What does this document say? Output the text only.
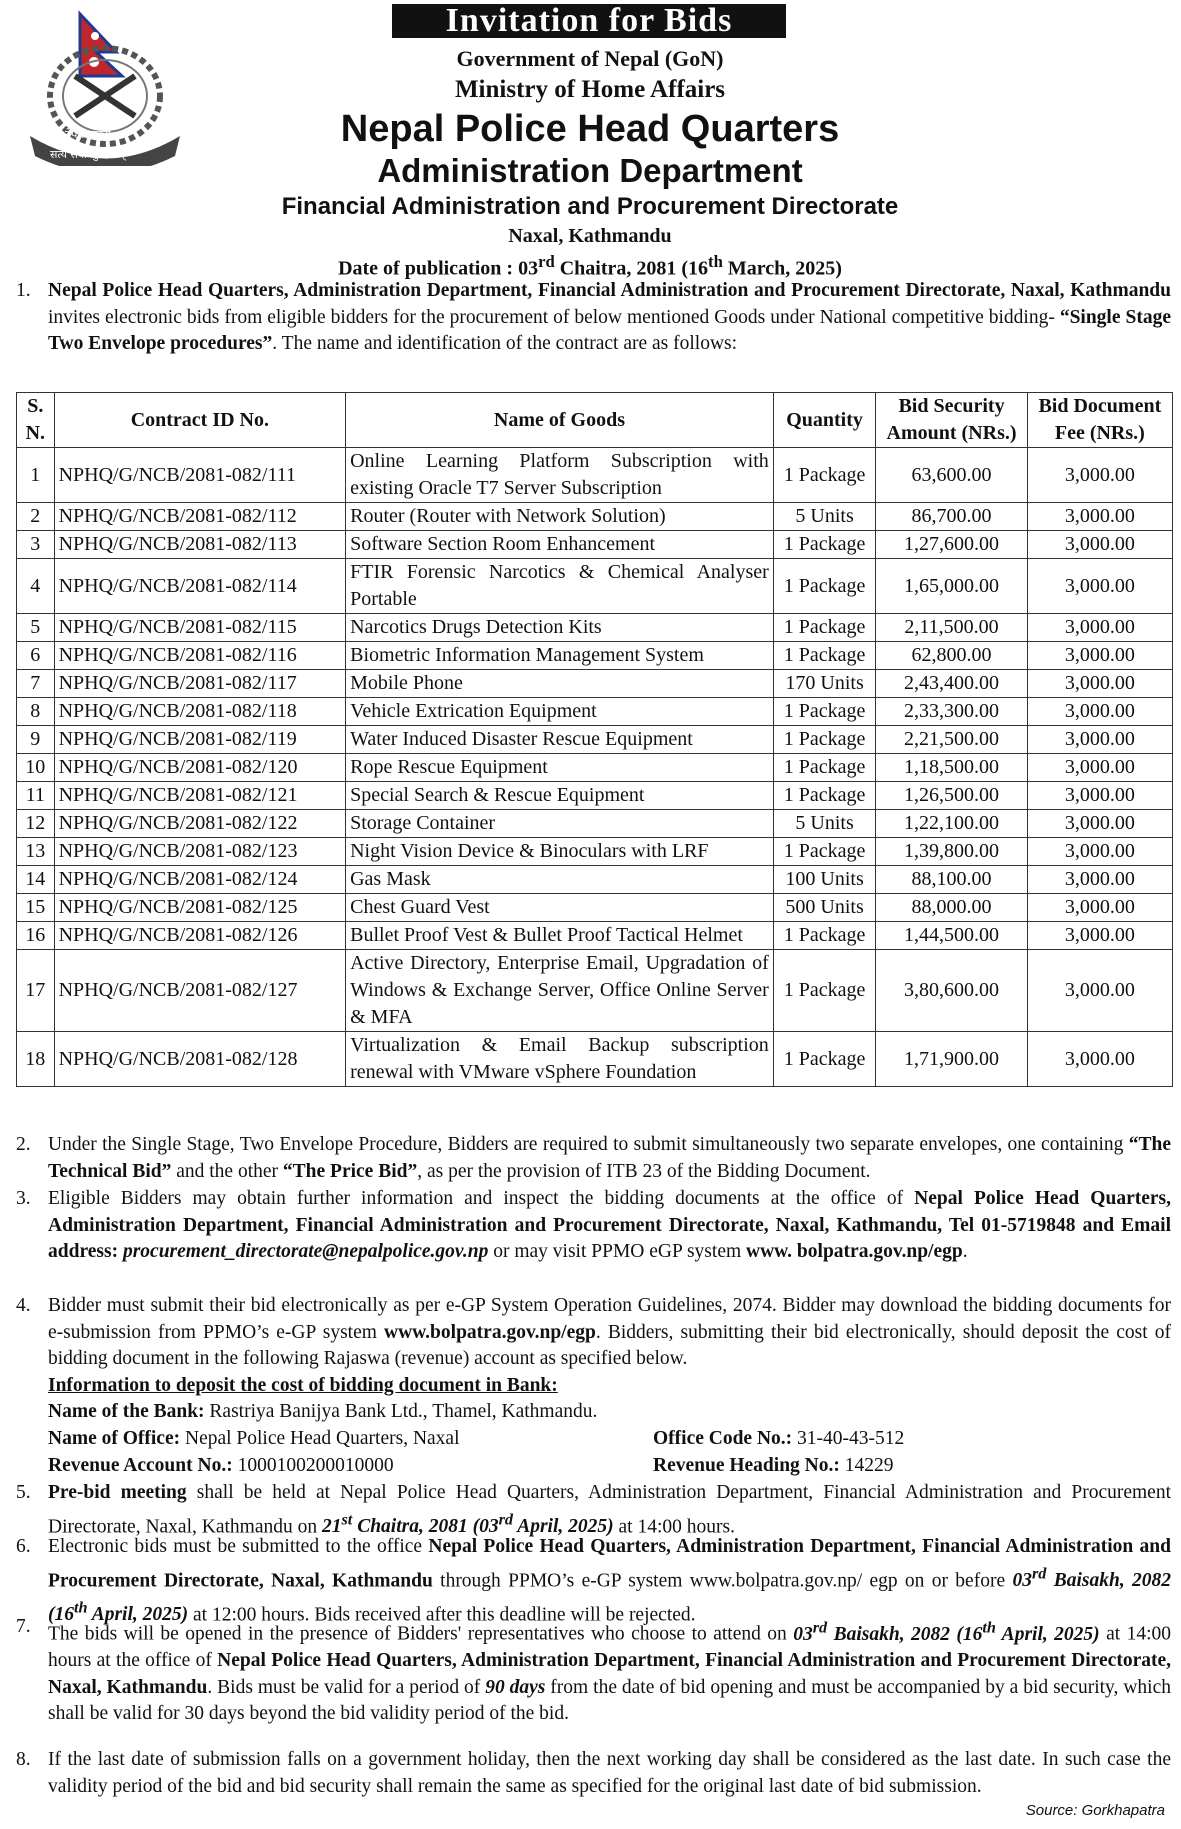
नेपाल प्रहरी
सत्य सेवा सुरक्षणम्
Invitation for Bids
Government of Nepal (GoN)
Ministry of Home Affairs
Nepal Police Head Quarters
Administration Department
Financial Administration and Procurement Directorate
Naxal, Kathmandu
Date of publication : 03rd Chaitra, 2081 (16th March, 2025)
1. Nepal Police Head Quarters, Administration Department, Financial Administration and Procurement Directorate, Naxal, Kathmandu invites electronic bids from eligible bidders for the procurement of below mentioned Goods under National competitive bidding- “Single Stage Two Envelope procedures”. The name and identification of the contract are as follows:
S. N.	Contract ID No.	Name of Goods	Quantity	Bid Security Amount (NRs.)	Bid Document Fee (NRs.)
1	NPHQ/G/NCB/2081-082/111	Online Learning Platform Subscription with existing Oracle T7 Server Subscription	1 Package	63,600.00	3,000.00
2	NPHQ/G/NCB/2081-082/112	Router (Router with Network Solution)	5 Units	86,700.00	3,000.00
3	NPHQ/G/NCB/2081-082/113	Software Section Room Enhancement	1 Package	1,27,600.00	3,000.00
4	NPHQ/G/NCB/2081-082/114	FTIR Forensic Narcotics & Chemical Analyser Portable	1 Package	1,65,000.00	3,000.00
5	NPHQ/G/NCB/2081-082/115	Narcotics Drugs Detection Kits	1 Package	2,11,500.00	3,000.00
6	NPHQ/G/NCB/2081-082/116	Biometric Information Management System	1 Package	62,800.00	3,000.00
7	NPHQ/G/NCB/2081-082/117	Mobile Phone	170 Units	2,43,400.00	3,000.00
8	NPHQ/G/NCB/2081-082/118	Vehicle Extrication Equipment	1 Package	2,33,300.00	3,000.00
9	NPHQ/G/NCB/2081-082/119	Water Induced Disaster Rescue Equipment	1 Package	2,21,500.00	3,000.00
10	NPHQ/G/NCB/2081-082/120	Rope Rescue Equipment	1 Package	1,18,500.00	3,000.00
11	NPHQ/G/NCB/2081-082/121	Special Search & Rescue Equipment	1 Package	1,26,500.00	3,000.00
12	NPHQ/G/NCB/2081-082/122	Storage Container	5 Units	1,22,100.00	3,000.00
13	NPHQ/G/NCB/2081-082/123	Night Vision Device & Binoculars with LRF	1 Package	1,39,800.00	3,000.00
14	NPHQ/G/NCB/2081-082/124	Gas Mask	100 Units	88,100.00	3,000.00
15	NPHQ/G/NCB/2081-082/125	Chest Guard Vest	500 Units	88,000.00	3,000.00
16	NPHQ/G/NCB/2081-082/126	Bullet Proof Vest & Bullet Proof Tactical Helmet	1 Package	1,44,500.00	3,000.00
17	NPHQ/G/NCB/2081-082/127	Active Directory, Enterprise Email, Upgradation of Windows & Exchange Server, Office Online Server & MFA	1 Package	3,80,600.00	3,000.00
18	NPHQ/G/NCB/2081-082/128	Virtualization & Email Backup subscription renewal with VMware vSphere Foundation	1 Package	1,71,900.00	3,000.00
2. Under the Single Stage, Two Envelope Procedure, Bidders are required to submit simultaneously two separate envelopes, one containing “The Technical Bid” and the other “The Price Bid”, as per the provision of ITB 23 of the Bidding Document.
3. Eligible Bidders may obtain further information and inspect the bidding documents at the office of Nepal Police Head Quarters, Administration Department, Financial Administration and Procurement Directorate, Naxal, Kathmandu, Tel 01-5719848 and Email address: procurement_directorate@nepalpolice.gov.np or may visit PPMO eGP system www. bolpatra.gov.np/egp.
4. Bidder must submit their bid electronically as per e-GP System Operation Guidelines, 2074. Bidder may download the bidding documents for e-submission from PPMO’s e-GP system www.bolpatra.gov.np/egp. Bidders, submitting their bid electronically, should deposit the cost of bidding document in the following Rajaswa (revenue) account as specified below.
Information to deposit the cost of bidding document in Bank:
Name of the Bank: Rastriya Banijya Bank Ltd., Thamel, Kathmandu.
Name of Office: Nepal Police Head Quarters, Naxal	Office Code No.: 31-40-43-512
Revenue Account No.: 1000100200010000	Revenue Heading No.: 14229
5. Pre-bid meeting shall be held at Nepal Police Head Quarters, Administration Department, Financial Administration and Procurement Directorate, Naxal, Kathmandu on 21st Chaitra, 2081 (03rd April, 2025) at 14:00 hours.
6. Electronic bids must be submitted to the office Nepal Police Head Quarters, Administration Department, Financial Administration and Procurement Directorate, Naxal, Kathmandu through PPMO’s e-GP system www.bolpatra.gov.np/ egp on or before 03rd Baisakh, 2082 (16th April, 2025) at 12:00 hours. Bids received after this deadline will be rejected.
7. The bids will be opened in the presence of Bidders' representatives who choose to attend on 03rd Baisakh, 2082 (16th April, 2025) at 14:00 hours at the office of Nepal Police Head Quarters, Administration Department, Financial Administration and Procurement Directorate, Naxal, Kathmandu. Bids must be valid for a period of 90 days from the date of bid opening and must be accompanied by a bid security, which shall be valid for 30 days beyond the bid validity period of the bid.
8. If the last date of submission falls on a government holiday, then the next working day shall be considered as the last date. In such case the validity period of the bid and bid security shall remain the same as specified for the original last date of bid submission.
Source: Gorkhapatra
